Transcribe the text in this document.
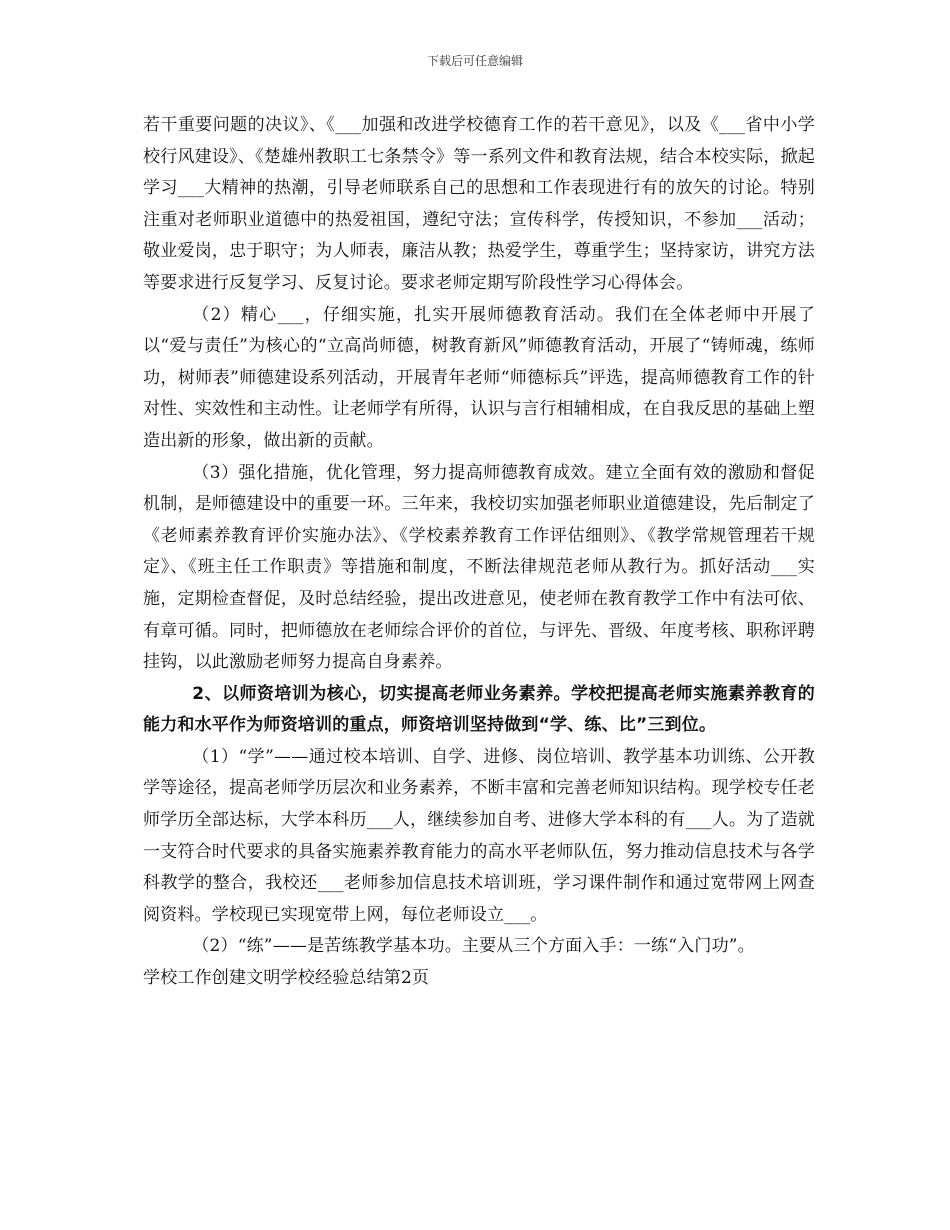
下载后可任意编辑

若干重要问题的决议》、《___加强和改进学校德育工作的若干意见》，以及《___省中小学校行风建设》、《楚雄州教职工七条禁令》等一系列文件和教育法规，结合本校实际，掀起学习___大精神的热潮，引导老师联系自己的思想和工作表现进行有的放矢的讨论。特别注重对老师职业道德中的热爱祖国，遵纪守法；宣传科学，传授知识，不参加___活动；敬业爱岗，忠于职守；为人师表，廉洁从教；热爱学生，尊重学生；坚持家访，讲究方法等要求进行反复学习、反复讨论。要求老师定期写阶段性学习心得体会。

（2）精心___，仔细实施，扎实开展师德教育活动。我们在全体老师中开展了以“爱与责任”为核心的“立高尚师德，树教育新风”师德教育活动，开展了“铸师魂，练师功，树师表”师德建设系列活动，开展青年老师“师德标兵”评选，提高师德教育工作的针对性、实效性和主动性。让老师学有所得，认识与言行相辅相成，在自我反思的基础上塑造出新的形象，做出新的贡献。

（3）强化措施，优化管理，努力提高师德教育成效。建立全面有效的激励和督促机制，是师德建设中的重要一环。三年来，我校切实加强老师职业道德建设，先后制定了《老师素养教育评价实施办法》、《学校素养教育工作评估细则》、《教学常规管理若干规定》、《班主任工作职责》等措施和制度，不断法律规范老师从教行为。抓好活动___实施，定期检查督促，及时总结经验，提出改进意见，使老师在教育教学工作中有法可依、有章可循。同时，把师德放在老师综合评价的首位，与评先、晋级、年度考核、职称评聘挂钩，以此激励老师努力提高自身素养。

2、以师资培训为核心，切实提高老师业务素养。学校把提高老师实施素养教育的能力和水平作为师资培训的重点，师资培训坚持做到“学、练、比”三到位。

（1）“学”——通过校本培训、自学、进修、岗位培训、教学基本功训练、公开教学等途径，提高老师学历层次和业务素养，不断丰富和完善老师知识结构。现学校专任老师学历全部达标，大学本科历___人，继续参加自考、进修大学本科的有___人。为了造就一支符合时代要求的具备实施素养教育能力的高水平老师队伍，努力推动信息技术与各学科教学的整合，我校还___老师参加信息技术培训班，学习课件制作和通过宽带网上网查阅资料。学校现已实现宽带上网，每位老师设立___。

（2）“练”——是苦练教学基本功。主要从三个方面入手：一练“入门功”。

学校工作创建文明学校经验总结第2页
